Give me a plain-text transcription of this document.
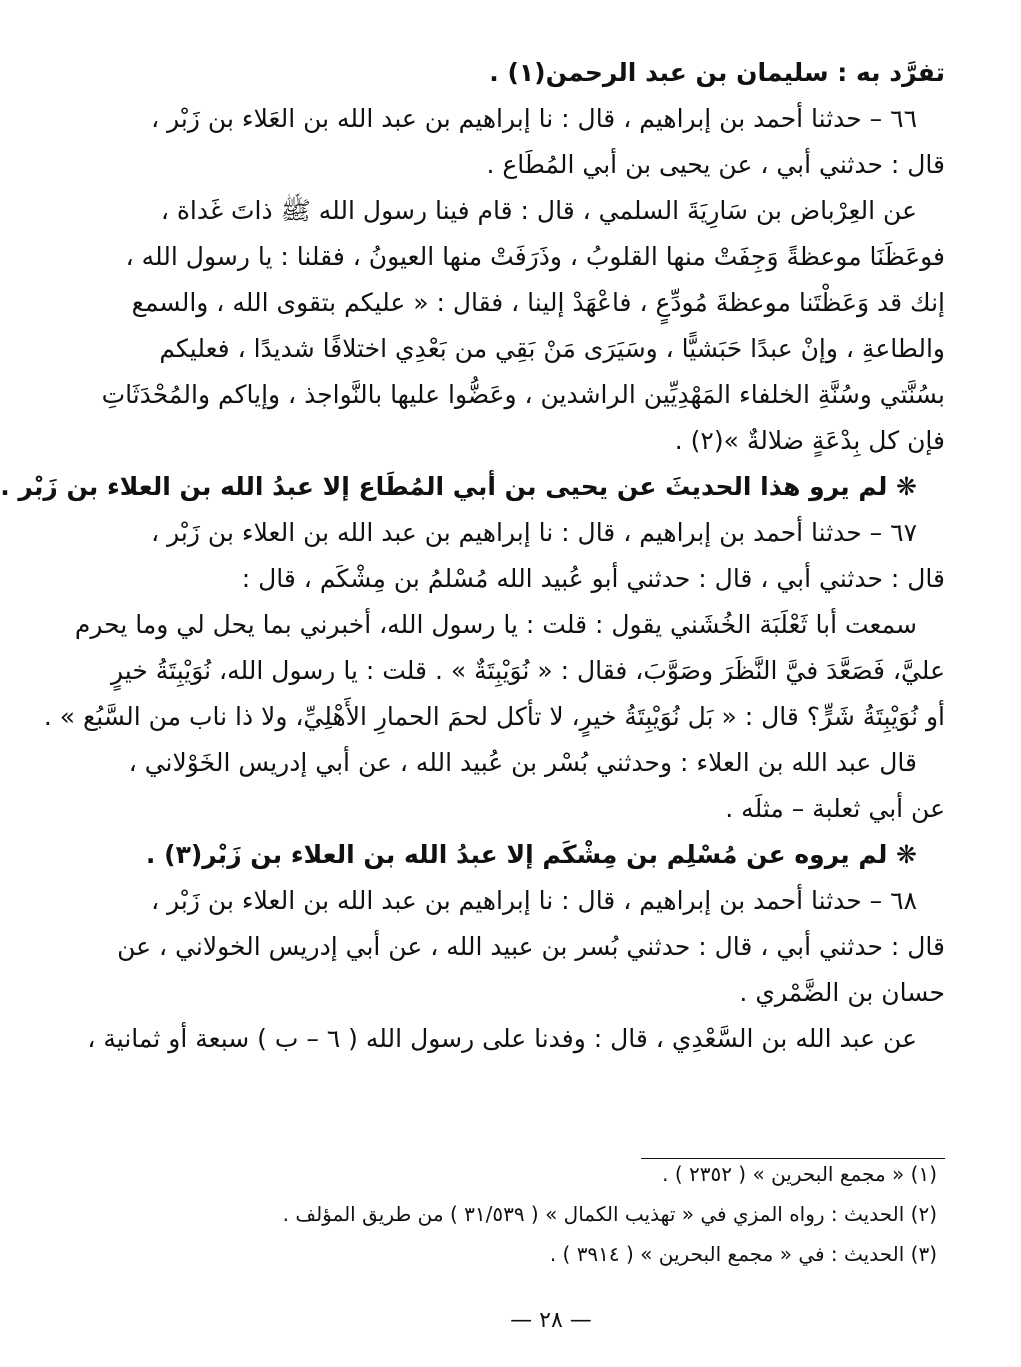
تفرَّد به : سليمان بن عبد الرحمن(١) .
٦٦ – حدثنا أحمد بن إبراهيم ، قال : نا إبراهيم بن عبد الله بن العَلاء بن زَبْر ،
قال : حدثني أبي ، عن يحيى بن أبي المُطَاع .
عن العِرْباض بن سَارِيَةَ السلمي ، قال : قام فينا رسول الله ﷺ ذاتَ غَداة ،
فوعَظَنَا موعظةً وَجِفَتْ منها القلوبُ ، وذَرَفَتْ منها العيونُ ، فقلنا : يا رسول الله ،
إنك قد وَعَظْتَنا موعظةَ مُودِّعٍ ، فاعْهَدْ إلينا ، فقال : « عليكم بتقوى الله ، والسمع
والطاعةِ ، وإنْ عبدًا حَبَشيًّا ، وسَيَرَى مَنْ بَقِي من بَعْدِي اختلافًا شديدًا ، فعليكم
بسُنَّتي وسُنَّةِ الخلفاء المَهْدِيِّين الراشدين ، وعَضُّوا عليها بالنَّواجذ ، وإياكم والمُحْدَثَاتِ
فإن كل بِدْعَةٍ ضلالةٌ »(٢) .
❋ لم يرو هذا الحديثَ عن يحيى بن أبي المُطَاع إلا عبدُ الله بن العلاء بن زَبْر .
٦٧ – حدثنا أحمد بن إبراهيم ، قال : نا إبراهيم بن عبد الله بن العلاء بن زَبْر ،
قال : حدثني أبي ، قال : حدثني أبو عُبيد الله مُسْلمُ بن مِشْكَم ، قال :
سمعت أبا ثَعْلَبَة الخُشَني يقول : قلت : يا رسول الله، أخبرني بما يحل لي وما يحرم
عليَّ، فَصَعَّدَ فيَّ النَّظَرَ وصَوَّبَ، فقال : « نُوَيْبِتَةٌ » . قلت : يا رسول الله، نُوَيْبِتَةُ خيرٍ
أو نُوَيْبِتَةُ شَرٍّ؟ قال : « بَل نُوَيْبِتَةُ خيرٍ، لا تأكل لحمَ الحمارِ الأَهْلِيِّ، ولا ذا ناب من السَّبُع » .
قال عبد الله بن العلاء : وحدثني بُسْر بن عُبيد الله ، عن أبي إدريس الخَوْلاني ،
عن أبي ثعلبة – مثلَه .
❋ لم يروه عن مُسْلِم بن مِشْكَم إلا عبدُ الله بن العلاء بن زَبْر(٣) .
٦٨ – حدثنا أحمد بن إبراهيم ، قال : نا إبراهيم بن عبد الله بن العلاء بن زَبْر ،
قال : حدثني أبي ، قال : حدثني بُسر بن عبيد الله ، عن أبي إدريس الخولاني ، عن
حسان بن الضَّمْري .
عن عبد الله بن السَّعْدِي ، قال : وفدنا على رسول الله ( ٦ – ب ) سبعة أو ثمانية ،
(١) « مجمع البحرين » ( ٢٣٥٢ ) .
(٢) الحديث : رواه المزي في « تهذيب الكمال » ( ٣١/٥٣٩ ) من طريق المؤلف .
(٣) الحديث : في « مجمع البحرين » ( ٣٩١٤ ) .
— ٢٨ —
